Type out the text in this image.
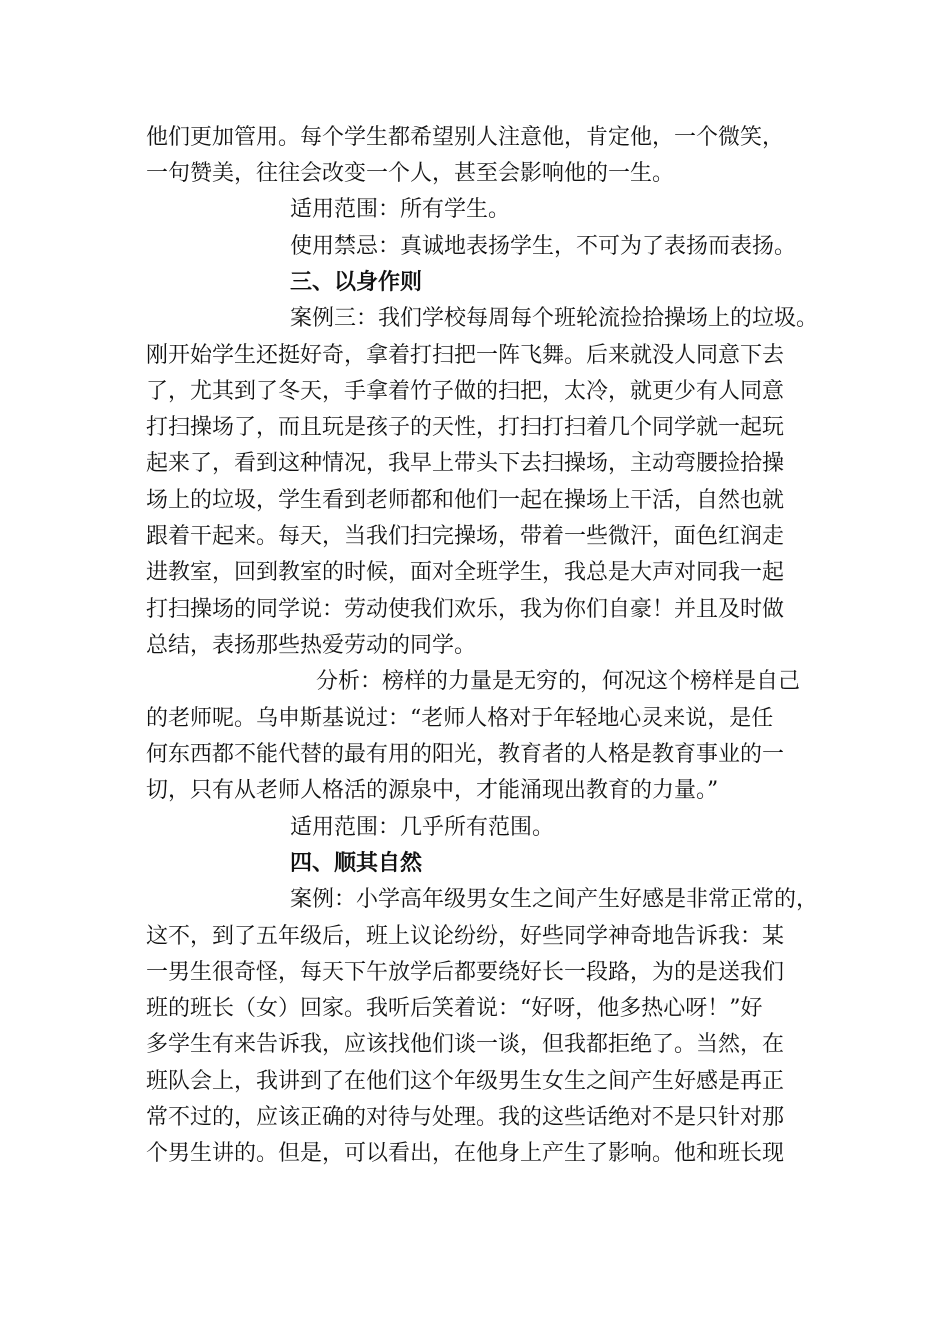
他们更加管用。每个学生都希望别人注意他，肯定他，一个微笑，
一句赞美，往往会改变一个人，甚至会影响他的一生。
适用范围：所有学生。
使用禁忌：真诚地表扬学生，不可为了表扬而表扬。
三、以身作则
案例三：我们学校每周每个班轮流捡拾操场上的垃圾。
刚开始学生还挺好奇，拿着打扫把一阵飞舞。后来就没人同意下去
了，尤其到了冬天，手拿着竹子做的扫把，太冷，就更少有人同意
打扫操场了，而且玩是孩子的天性，打扫打扫着几个同学就一起玩
起来了，看到这种情况，我早上带头下去扫操场，主动弯腰捡拾操
场上的垃圾，学生看到老师都和他们一起在操场上干活，自然也就
跟着干起来。每天，当我们扫完操场，带着一些微汗，面色红润走
进教室，回到教室的时候，面对全班学生，我总是大声对同我一起
打扫操场的同学说：劳动使我们欢乐，我为你们自豪！并且及时做
总结，表扬那些热爱劳动的同学。
分析：榜样的力量是无穷的，何况这个榜样是自己
的老师呢。乌申斯基说过：“老师人格对于年轻地心灵来说，是任
何东西都不能代替的最有用的阳光，教育者的人格是教育事业的一
切，只有从老师人格活的源泉中，才能涌现出教育的力量。”
适用范围：几乎所有范围。
四、顺其自然
案例：小学高年级男女生之间产生好感是非常正常的，
这不，到了五年级后，班上议论纷纷，好些同学神奇地告诉我：某
一男生很奇怪，每天下午放学后都要绕好长一段路，为的是送我们
班的班长（女）回家。我听后笑着说：“好呀，他多热心呀！”好
多学生有来告诉我，应该找他们谈一谈，但我都拒绝了。当然，在
班队会上，我讲到了在他们这个年级男生女生之间产生好感是再正
常不过的，应该正确的对待与处理。我的这些话绝对不是只针对那
个男生讲的。但是，可以看出，在他身上产生了影响。他和班长现
